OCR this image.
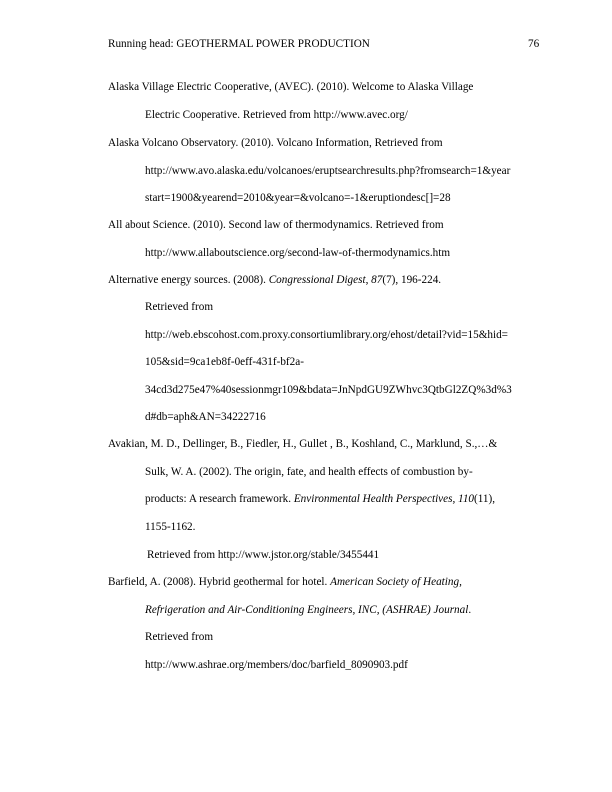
Running head: GEOTHERMAL POWER PRODUCTION	76

Alaska Village Electric Cooperative, (AVEC). (2010). Welcome to Alaska Village

Electric Cooperative. Retrieved from http://www.avec.org/

Alaska Volcano Observatory. (2010). Volcano Information, Retrieved from

http://www.avo.alaska.edu/volcanoes/eruptsearchresults.php?fromsearch=1&year

start=1900&yearend=2010&year=&volcano=-1&eruptiondesc[]=28

All about Science. (2010). Second law of thermodynamics. Retrieved from

http://www.allaboutscience.org/second-law-of-thermodynamics.htm

Alternative energy sources. (2008). Congressional Digest, 87(7), 196-224.

Retrieved from

http://web.ebscohost.com.proxy.consortiumlibrary.org/ehost/detail?vid=15&hid=

105&sid=9ca1eb8f-0eff-431f-bf2a-

34cd3d275e47%40sessionmgr109&bdata=JnNpdGU9ZWhvc3QtbGl2ZQ%3d%3

d#db=aph&AN=34222716

Avakian, M. D., Dellinger, B., Fiedler, H., Gullet , B., Koshland, C., Marklund, S.,…&

Sulk, W. A. (2002). The origin, fate, and health effects of combustion by-

products: A research framework. Environmental Health Perspectives, 110(11),

1155-1162.

Retrieved from http://www.jstor.org/stable/3455441

Barfield, A. (2008). Hybrid geothermal for hotel. American Society of Heating,

Refrigeration and Air-Conditioning Engineers, INC, (ASHRAE) Journal.

Retrieved from

http://www.ashrae.org/members/doc/barfield_8090903.pdf
